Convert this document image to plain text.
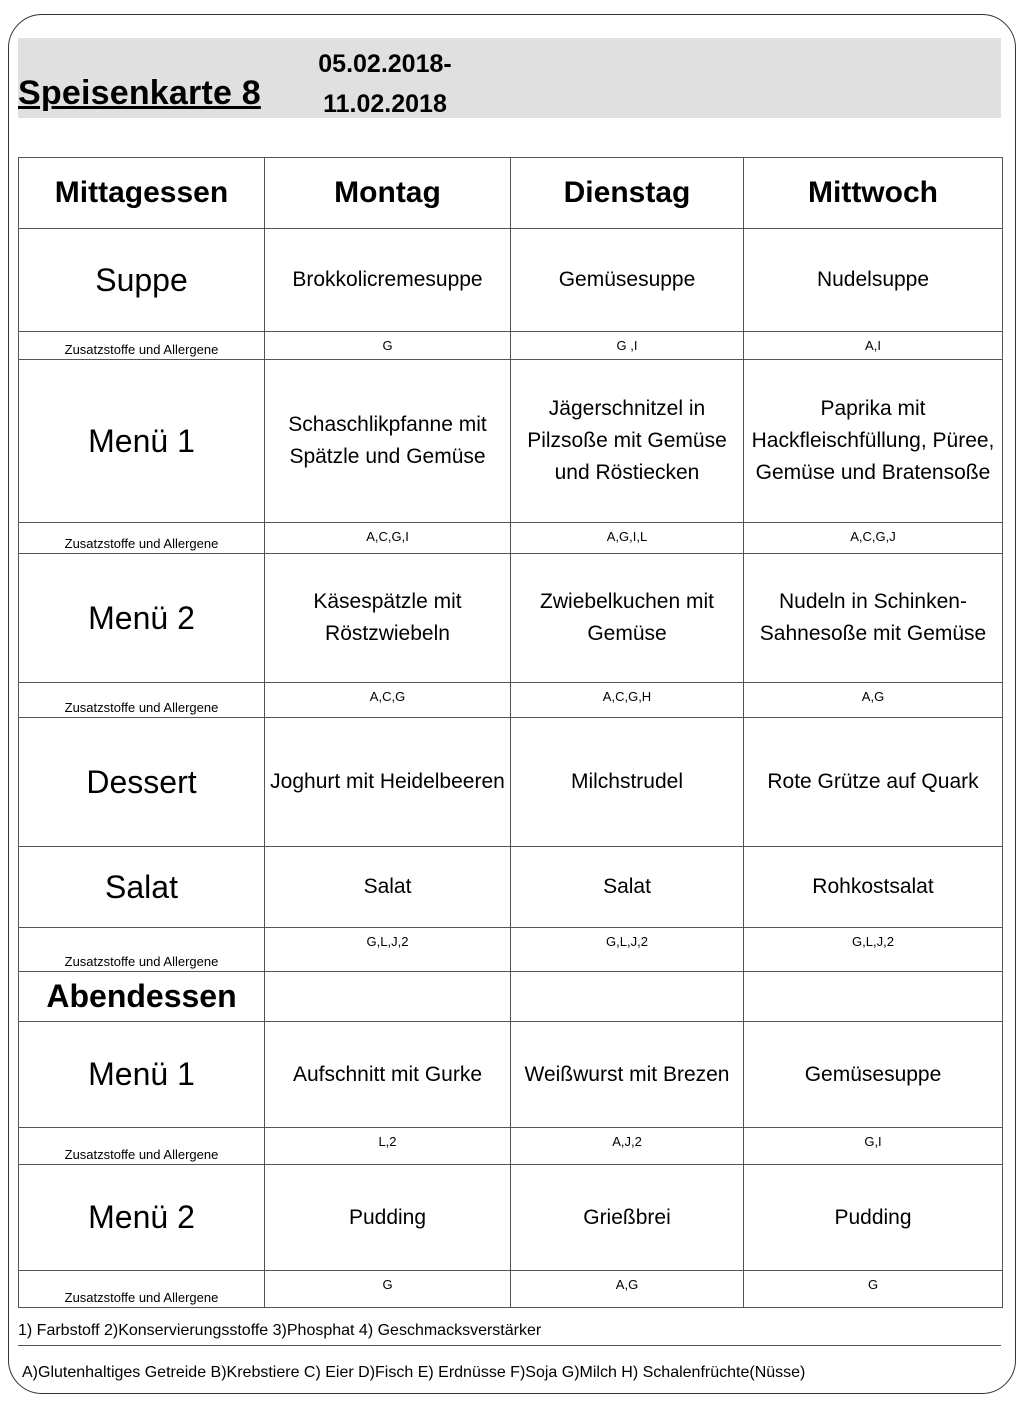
Speisenkarte 8
05.02.2018-
11.02.2018
Mittagessen	Montag	Dienstag	Mittwoch
Suppe	Brokkolicremesuppe	Gemüsesuppe	Nudelsuppe
Zusatzstoffe und Allergene	G	G ,I	A,I
Menü 1	Schaschlikpfanne mit Spätzle und Gemüse	Jägerschnitzel in Pilzsoße mit Gemüse und Röstiecken	Paprika mit Hackfleischfüllung, Püree, Gemüse und Bratensoße
Zusatzstoffe und Allergene	A,C,G,I	A,G,I,L	A,C,G,J
Menü 2	Käsespätzle mit Röstzwiebeln	Zwiebelkuchen mit Gemüse	Nudeln in Schinken-Sahnesoße mit Gemüse
Zusatzstoffe und Allergene	A,C,G	A,C,G,H	A,G
Dessert	Joghurt mit Heidelbeeren	Milchstrudel	Rote Grütze auf Quark
Salat	Salat	Salat	Rohkostsalat
Zusatzstoffe und Allergene	G,L,J,2	G,L,J,2	G,L,J,2
Abendessen			
Menü 1	Aufschnitt mit Gurke	Weißwurst mit Brezen	Gemüsesuppe
Zusatzstoffe und Allergene	L,2	A,J,2	G,I
Menü 2	Pudding	Grießbrei	Pudding
Zusatzstoffe und Allergene	G	A,G	G
1) Farbstoff 2)Konservierungsstoffe 3)Phosphat 4) Geschmacksverstärker
A)Glutenhaltiges Getreide B)Krebstiere C) Eier D)Fisch E) Erdnüsse F)Soja G)Milch H) Schalenfrüchte(Nüsse)
